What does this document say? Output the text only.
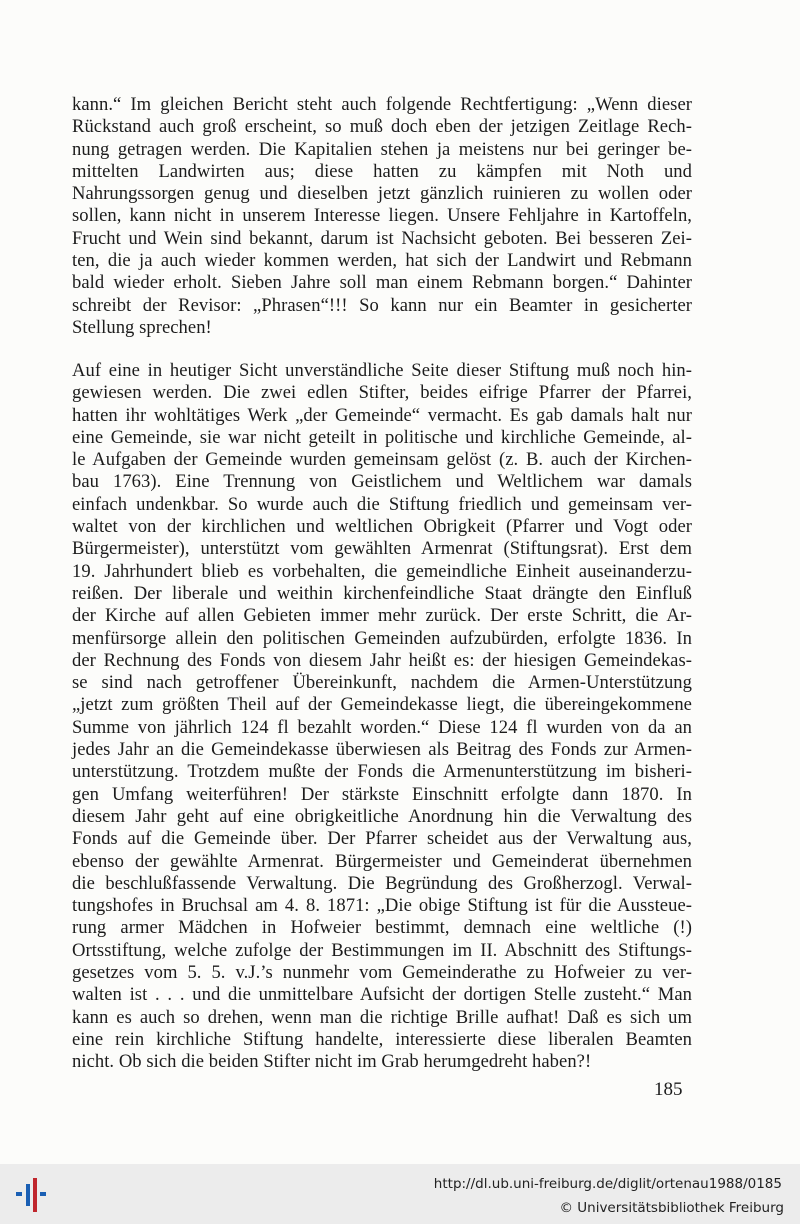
kann.“ Im gleichen Bericht steht auch folgende Rechtfertigung: „Wenn dieser
Rückstand auch groß erscheint, so muß doch eben der jetzigen Zeitlage Rech-
nung getragen werden. Die Kapitalien stehen ja meistens nur bei geringer be-
mittelten Landwirten aus; diese hatten zu kämpfen mit Noth und
Nahrungssorgen genug und dieselben jetzt gänzlich ruinieren zu wollen oder
sollen, kann nicht in unserem Interesse liegen. Unsere Fehljahre in Kartoffeln,
Frucht und Wein sind bekannt, darum ist Nachsicht geboten. Bei besseren Zei-
ten, die ja auch wieder kommen werden, hat sich der Landwirt und Rebmann
bald wieder erholt. Sieben Jahre soll man einem Rebmann borgen.“ Dahinter
schreibt der Revisor: „Phrasen“!!! So kann nur ein Beamter in gesicherter
Stellung sprechen!
Auf eine in heutiger Sicht unverständliche Seite dieser Stiftung muß noch hin-
gewiesen werden. Die zwei edlen Stifter, beides eifrige Pfarrer der Pfarrei,
hatten ihr wohltätiges Werk „der Gemeinde“ vermacht. Es gab damals halt nur
eine Gemeinde, sie war nicht geteilt in politische und kirchliche Gemeinde, al-
le Aufgaben der Gemeinde wurden gemeinsam gelöst (z. B. auch der Kirchen-
bau 1763). Eine Trennung von Geistlichem und Weltlichem war damals
einfach undenkbar. So wurde auch die Stiftung friedlich und gemeinsam ver-
waltet von der kirchlichen und weltlichen Obrigkeit (Pfarrer und Vogt oder
Bürgermeister), unterstützt vom gewählten Armenrat (Stiftungsrat). Erst dem
19. Jahrhundert blieb es vorbehalten, die gemeindliche Einheit auseinanderzu-
reißen. Der liberale und weithin kirchenfeindliche Staat drängte den Einfluß
der Kirche auf allen Gebieten immer mehr zurück. Der erste Schritt, die Ar-
menfürsorge allein den politischen Gemeinden aufzubürden, erfolgte 1836. In
der Rechnung des Fonds von diesem Jahr heißt es: der hiesigen Gemeindekas-
se sind nach getroffener Übereinkunft, nachdem die Armen-Unterstützung
„jetzt zum größten Theil auf der Gemeindekasse liegt, die übereingekommene
Summe von jährlich 124 fl bezahlt worden.“ Diese 124 fl wurden von da an
jedes Jahr an die Gemeindekasse überwiesen als Beitrag des Fonds zur Armen-
unterstützung. Trotzdem mußte der Fonds die Armenunterstützung im bisheri-
gen Umfang weiterführen! Der stärkste Einschnitt erfolgte dann 1870. In
diesem Jahr geht auf eine obrigkeitliche Anordnung hin die Verwaltung des
Fonds auf die Gemeinde über. Der Pfarrer scheidet aus der Verwaltung aus,
ebenso der gewählte Armenrat. Bürgermeister und Gemeinderat übernehmen
die beschlußfassende Verwaltung. Die Begründung des Großherzogl. Verwal-
tungshofes in Bruchsal am 4. 8. 1871: „Die obige Stiftung ist für die Aussteue-
rung armer Mädchen in Hofweier bestimmt, demnach eine weltliche (!)
Ortsstiftung, welche zufolge der Bestimmungen im II. Abschnitt des Stiftungs-
gesetzes vom 5. 5. v.J.’s nunmehr vom Gemeinderathe zu Hofweier zu ver-
walten ist . . . und die unmittelbare Aufsicht der dortigen Stelle zusteht.“ Man
kann es auch so drehen, wenn man die richtige Brille aufhat! Daß es sich um
eine rein kirchliche Stiftung handelte, interessierte diese liberalen Beamten
nicht. Ob sich die beiden Stifter nicht im Grab herumgedreht haben?!
185
http://dl.ub.uni-freiburg.de/diglit/ortenau1988/0185
© Universitätsbibliothek Freiburg
